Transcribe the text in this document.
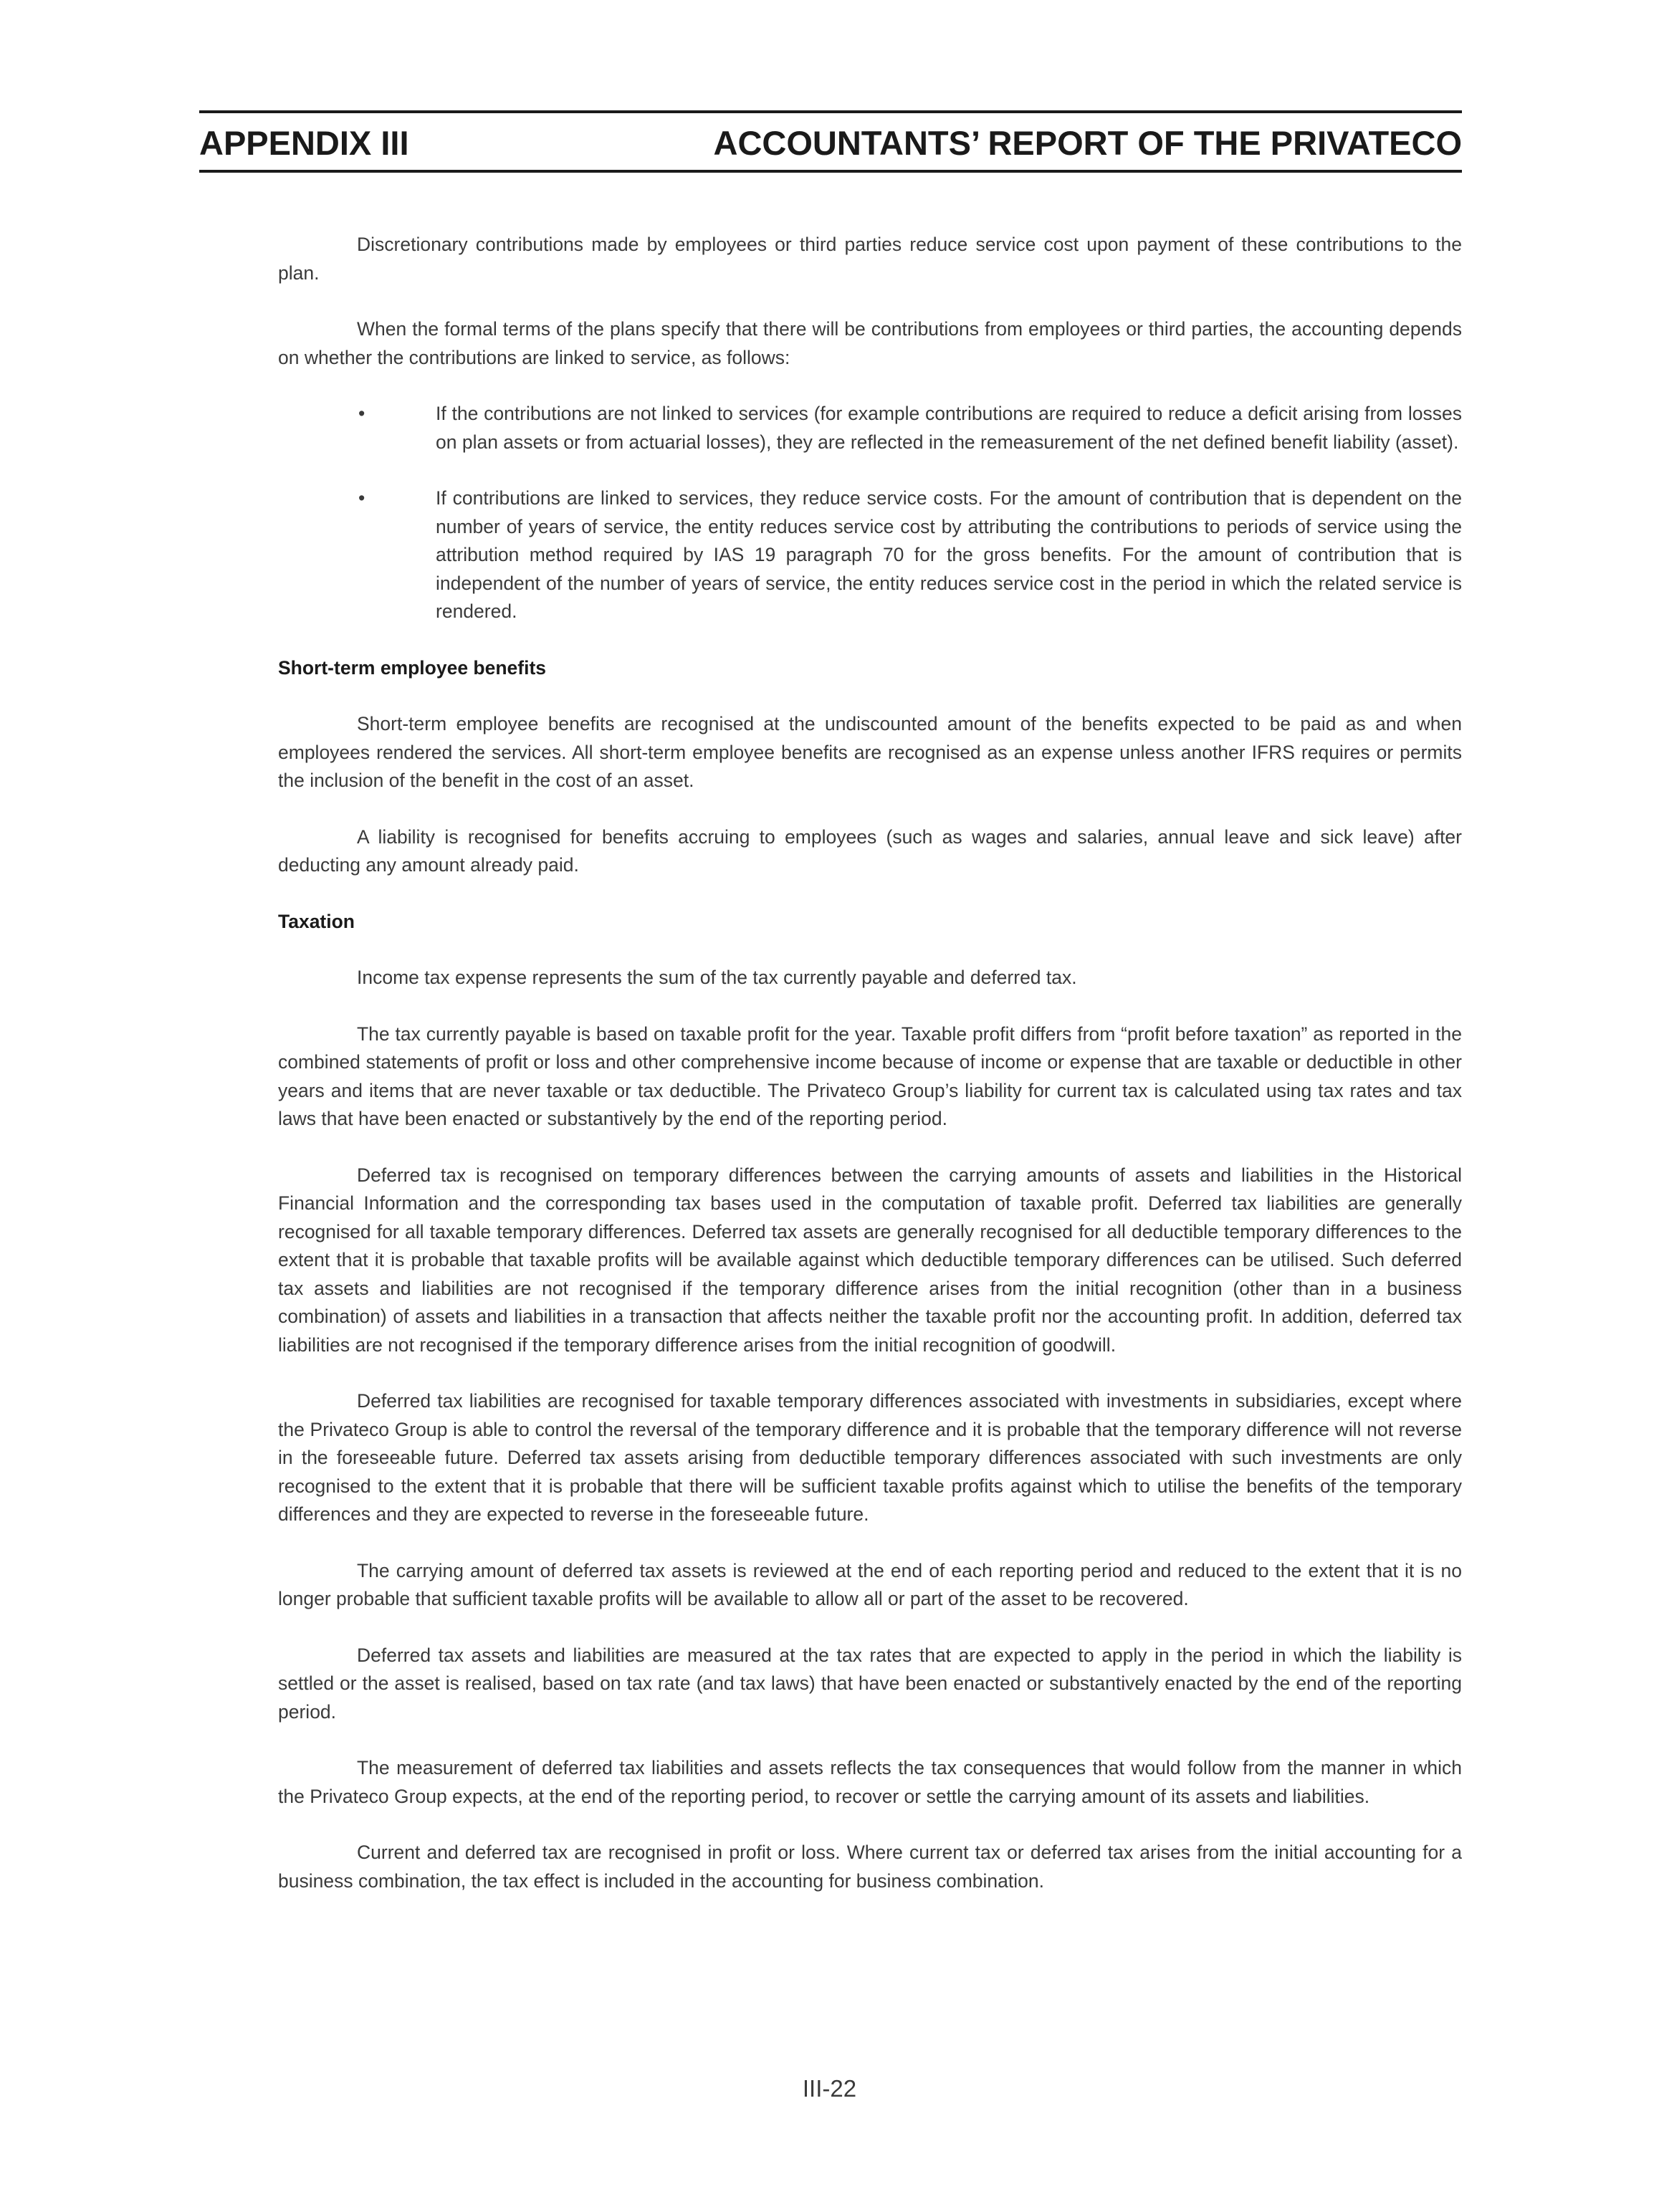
APPENDIX III	ACCOUNTANTS’ REPORT OF THE PRIVATECO

Discretionary contributions made by employees or third parties reduce service cost upon payment of these contributions to the plan.

When the formal terms of the plans specify that there will be contributions from employees or third parties, the accounting depends on whether the contributions are linked to service, as follows:

•	If the contributions are not linked to services (for example contributions are required to reduce a deficit arising from losses on plan assets or from actuarial losses), they are reflected in the remeasurement of the net defined benefit liability (asset).
•	If contributions are linked to services, they reduce service costs. For the amount of contribution that is dependent on the number of years of service, the entity reduces service cost by attributing the contributions to periods of service using the attribution method required by IAS 19 paragraph 70 for the gross benefits. For the amount of contribution that is independent of the number of years of service, the entity reduces service cost in the period in which the related service is rendered.
Short-term employee benefits

Short-term employee benefits are recognised at the undiscounted amount of the benefits expected to be paid as and when employees rendered the services. All short-term employee benefits are recognised as an expense unless another IFRS requires or permits the inclusion of the benefit in the cost of an asset.

A liability is recognised for benefits accruing to employees (such as wages and salaries, annual leave and sick leave) after deducting any amount already paid.

Taxation

Income tax expense represents the sum of the tax currently payable and deferred tax.

The tax currently payable is based on taxable profit for the year. Taxable profit differs from “profit before taxation” as reported in the combined statements of profit or loss and other comprehensive income because of income or expense that are taxable or deductible in other years and items that are never taxable or tax deductible. The Privateco Group’s liability for current tax is calculated using tax rates and tax laws that have been enacted or substantively by the end of the reporting period.

Deferred tax is recognised on temporary differences between the carrying amounts of assets and liabilities in the Historical Financial Information and the corresponding tax bases used in the computation of taxable profit. Deferred tax liabilities are generally recognised for all taxable temporary differences. Deferred tax assets are generally recognised for all deductible temporary differences to the extent that it is probable that taxable profits will be available against which deductible temporary differences can be utilised. Such deferred tax assets and liabilities are not recognised if the temporary difference arises from the initial recognition (other than in a business combination) of assets and liabilities in a transaction that affects neither the taxable profit nor the accounting profit. In addition, deferred tax liabilities are not recognised if the temporary difference arises from the initial recognition of goodwill.

Deferred tax liabilities are recognised for taxable temporary differences associated with investments in subsidiaries, except where the Privateco Group is able to control the reversal of the temporary difference and it is probable that the temporary difference will not reverse in the foreseeable future. Deferred tax assets arising from deductible temporary differences associated with such investments are only recognised to the extent that it is probable that there will be sufficient taxable profits against which to utilise the benefits of the temporary differences and they are expected to reverse in the foreseeable future.

The carrying amount of deferred tax assets is reviewed at the end of each reporting period and reduced to the extent that it is no longer probable that sufficient taxable profits will be available to allow all or part of the asset to be recovered.

Deferred tax assets and liabilities are measured at the tax rates that are expected to apply in the period in which the liability is settled or the asset is realised, based on tax rate (and tax laws) that have been enacted or substantively enacted by the end of the reporting period.

The measurement of deferred tax liabilities and assets reflects the tax consequences that would follow from the manner in which the Privateco Group expects, at the end of the reporting period, to recover or settle the carrying amount of its assets and liabilities.

Current and deferred tax are recognised in profit or loss. Where current tax or deferred tax arises from the initial accounting for a business combination, the tax effect is included in the accounting for business combination.

III-22
